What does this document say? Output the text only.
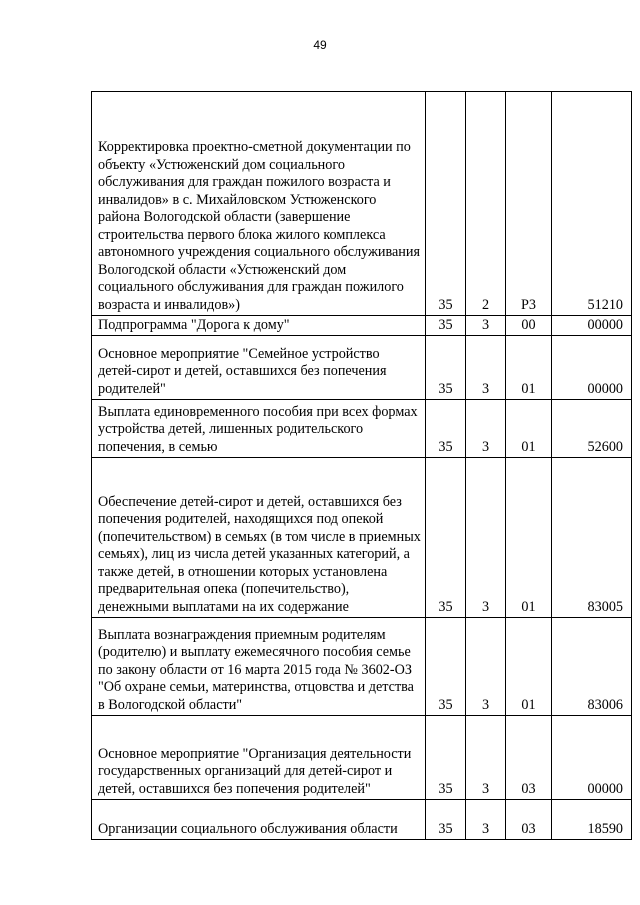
49
Корректировка проектно-сметной документации по объекту «Устюженский дом социального обслуживания для граждан пожилого возраста и инвалидов» в с. Михайловском Устюженского района Вологодской области (завершение строительства первого блока жилого комплекса автономного учреждения социального обслуживания Вологодской области «Устюженский дом социального обслуживания для граждан пожилого возраста и инвалидов»)	35	2	P3	51210
Подпрограмма "Дорога к дому"	35	3	00	00000
Основное мероприятие "Семейное устройство детей-сирот и детей, оставшихся без попечения родителей"	35	3	01	00000
Выплата единовременного пособия при всех формах устройства детей, лишенных родительского попечения, в семью	35	3	01	52600
Обеспечение детей-сирот и детей, оставшихся без попечения родителей, находящихся под опекой (попечительством) в семьях (в том числе в приемных семьях), лиц из числа детей указанных категорий, а также детей, в отношении которых установлена предварительная опека (попечительство), денежными выплатами на их содержание	35	3	01	83005
Выплата вознаграждения приемным родителям (родителю) и выплату ежемесячного пособия семье по закону области от 16 марта 2015 года № 3602-ОЗ "Об охране семьи, материнства, отцовства и детства в Вологодской области"	35	3	01	83006
Основное мероприятие "Организация деятельности государственных организаций для детей-сирот и детей, оставшихся без попечения родителей"	35	3	03	00000
Организации социального обслуживания области	35	3	03	18590
